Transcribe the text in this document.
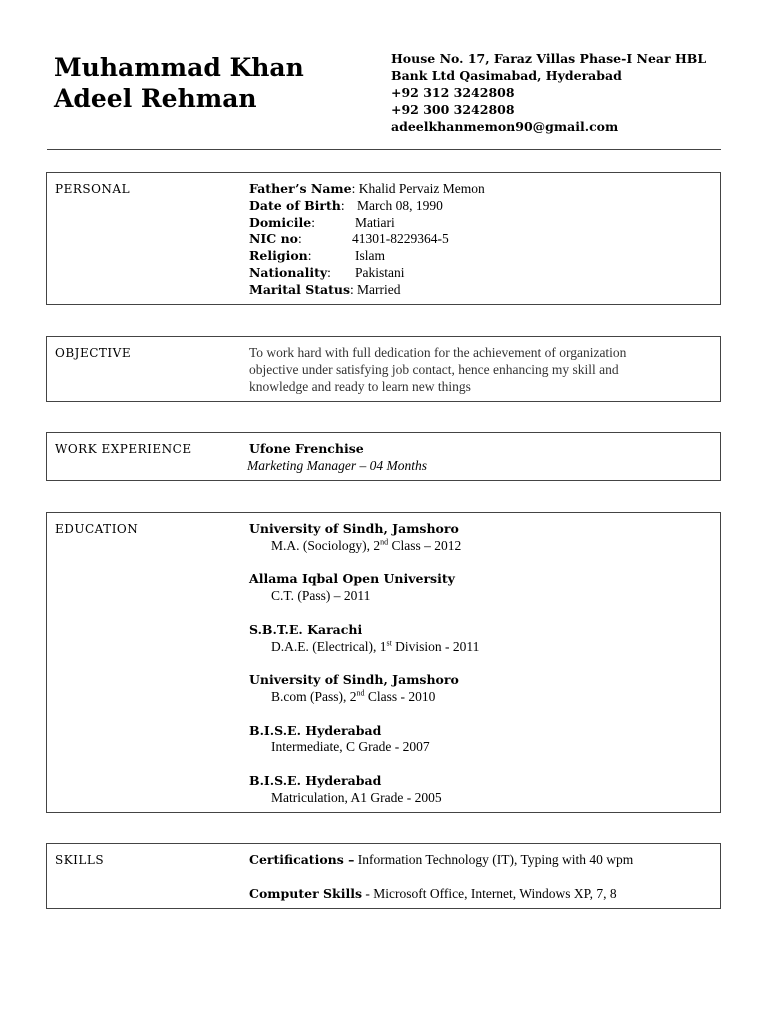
Muhammad Khan Adeel Rehman
House No. 17, Faraz Villas Phase-I Near HBL
Bank Ltd Qasimabad, Hyderabad
+92 312 3242808
+92 300 3242808
adeelkhanmemon90@gmail.com
PERSONAL	Father’s Name: Khalid Pervaiz Memon
Date of Birth: March 08, 1990
Domicile:	Matiari
NIC no:	41301-8229364-5
Religion:	Islam
Nationality: Pakistani
Marital Status: Married
OBJECTIVE	To work hard with full dedication for the achievement of organization
objective under satisfying job contact, hence enhancing my skill and
knowledge and ready to learn new things
WORK EXPERIENCE	Ufone Frenchise
Marketing Manager – 04 Months
EDUCATION	University of Sindh, Jamshoro
M.A. (Sociology), 2nd Class – 2012
Allama Iqbal Open University
C.T. (Pass) – 2011
S.B.T.E. Karachi
D.A.E. (Electrical), 1st Division - 2011
University of Sindh, Jamshoro
B.com (Pass), 2nd Class - 2010
B.I.S.E. Hyderabad
Intermediate, C Grade - 2007
B.I.S.E. Hyderabad
Matriculation, A1 Grade - 2005
SKILLS	Certifications – Information Technology (IT), Typing with 40 wpm
Computer Skills - Microsoft Office, Internet, Windows XP, 7, 8
